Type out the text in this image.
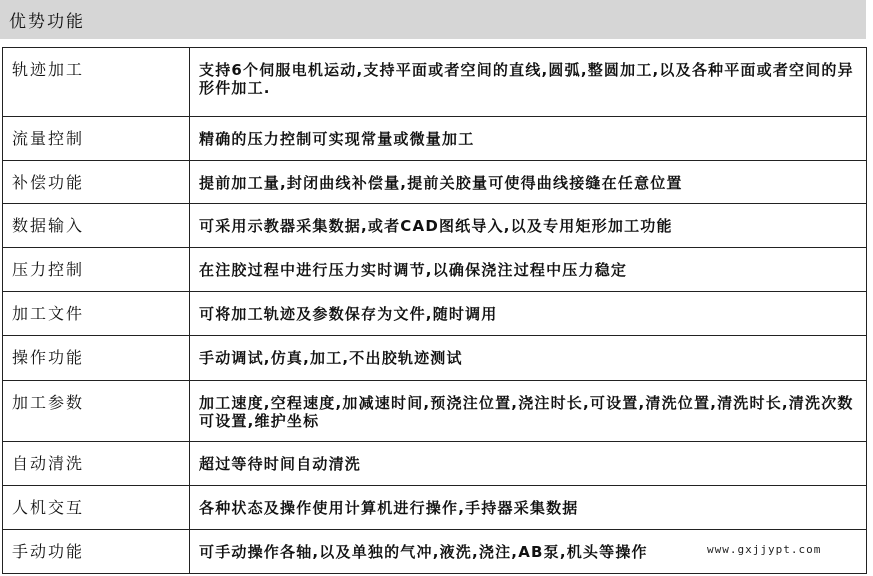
优势功能
轨迹加工	支持6个伺服电机运动,支持平面或者空间的直线,圆弧,整圆加工,以及各种平面或者空间的异形件加工.
流量控制	精确的压力控制可实现常量或微量加工
补偿功能	提前加工量,封闭曲线补偿量,提前关胶量可使得曲线接缝在任意位置
数据输入	可采用示教器采集数据,或者CAD图纸导入,以及专用矩形加工功能
压力控制	在注胶过程中进行压力实时调节,以确保浇注过程中压力稳定
加工文件	可将加工轨迹及参数保存为文件,随时调用
操作功能	手动调试,仿真,加工,不出胶轨迹测试
加工参数	加工速度,空程速度,加减速时间,预浇注位置,浇注时长,可设置,清洗位置,清洗时长,清洗次数可设置,维护坐标
自动清洗	超过等待时间自动清洗
人机交互	各种状态及操作使用计算机进行操作,手持器采集数据
手动功能	可手动操作各轴,以及单独的气冲,液洗,浇注,AB泵,机头等操作	www.gxjjypt.com
